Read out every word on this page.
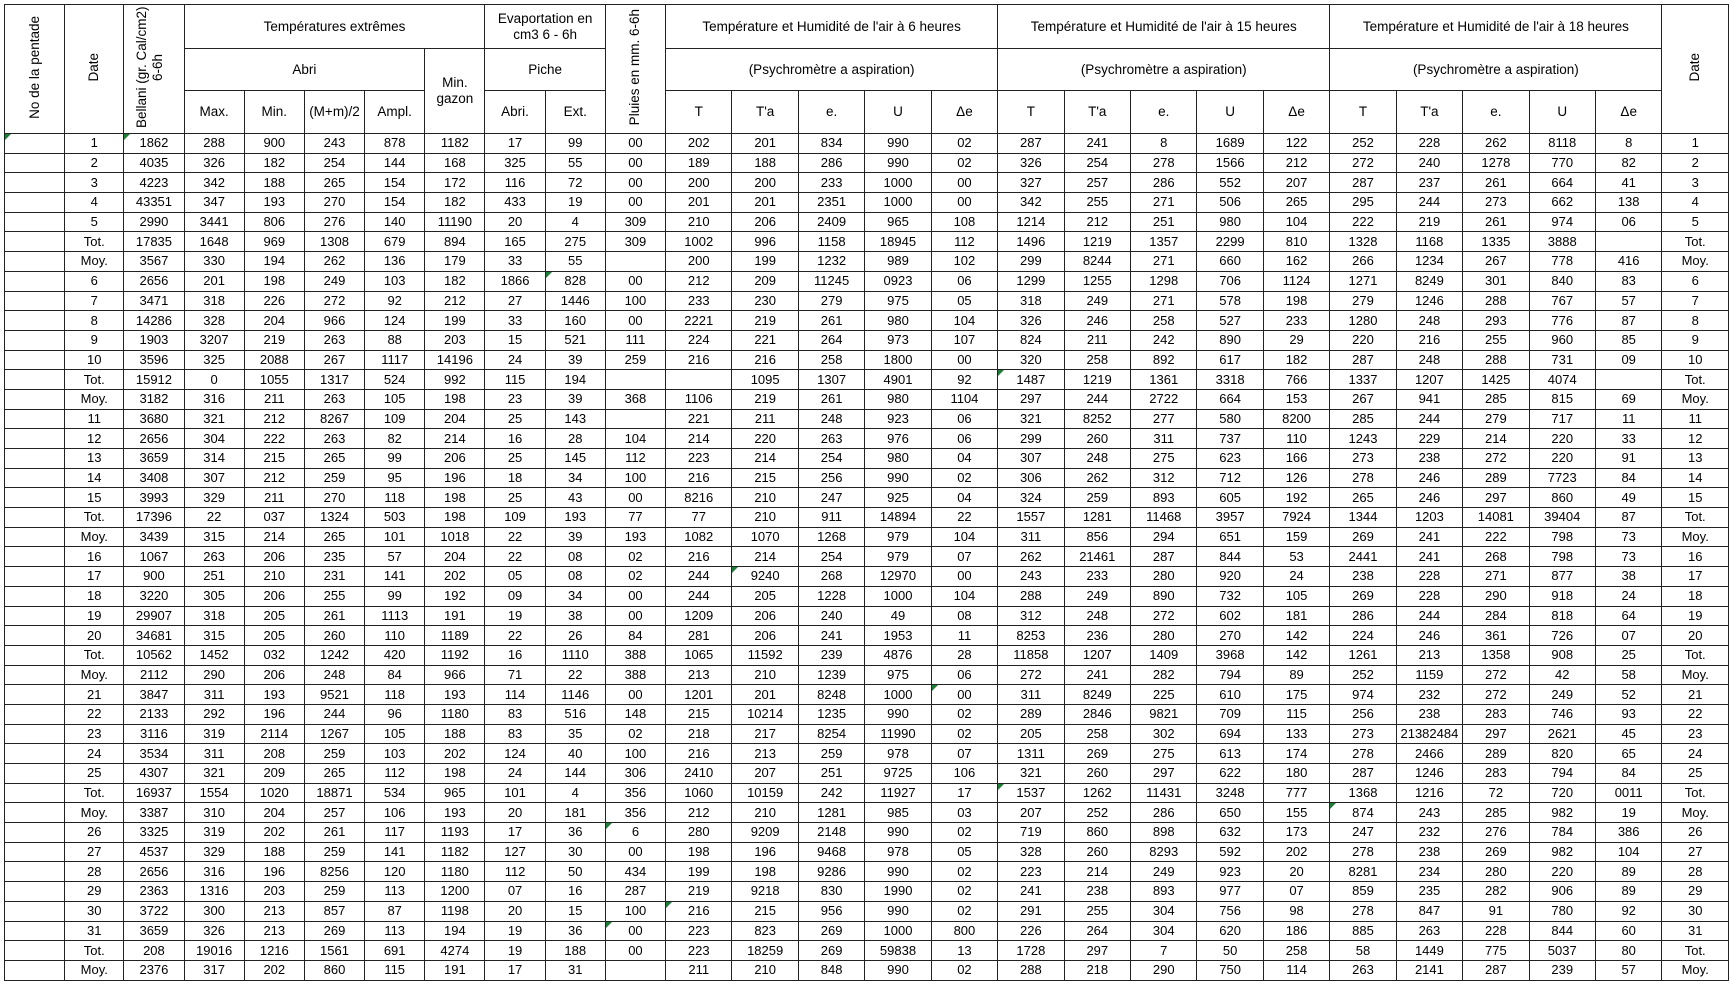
No de la pentade	Date	Bellani (gr. Cal/cm2) 6-6h	Températures extrêmes					Evaportation en cm3 6 - 6h		Pluies en mm. 6-6h	Température et Humidité de l'air à 6 heures					Température et Humidité de l'air à 15 heures					Température et Humidité de l'air à 18 heures					Date
			Abri				Min. gazon	Piche			(Psychromètre a aspiration)					(Psychromètre a aspiration)					(Psychromètre a aspiration)					
			Max.	Min.	(M+m)/2	Ampl.		Abri.	Ext.		T	T'a	e.	U	Δe	T	T'a	e.	U	Δe	T	T'a	e.	U	Δe	
	1	1862	288	900	243	878	1182	17	99	00	202	201	834	990	02	287	241	8	1689	122	252	228	262	8118	8	1
	2	4035	326	182	254	144	168	325	55	00	189	188	286	990	02	326	254	278	1566	212	272	240	1278	770	82	2
	3	4223	342	188	265	154	172	116	72	00	200	200	233	1000	00	327	257	286	552	207	287	237	261	664	41	3
	4	43351	347	193	270	154	182	433	19	00	201	201	2351	1000	00	342	255	271	506	265	295	244	273	662	138	4
	5	2990	3441	806	276	140	11190	20	4	309	210	206	2409	965	108	1214	212	251	980	104	222	219	261	974	06	5
	Tot.	17835	1648	969	1308	679	894	165	275	309	1002	996	1158	18945	112	1496	1219	1357	2299	810	1328	1168	1335	3888		Tot.
	Moy.	3567	330	194	262	136	179	33	55		200	199	1232	989	102	299	8244	271	660	162	266	1234	267	778	416	Moy.
	6	2656	201	198	249	103	182	1866	828	00	212	209	11245	0923	06	1299	1255	1298	706	1124	1271	8249	301	840	83	6
	7	3471	318	226	272	92	212	27	1446	100	233	230	279	975	05	318	249	271	578	198	279	1246	288	767	57	7
	8	14286	328	204	966	124	199	33	160	00	2221	219	261	980	104	326	246	258	527	233	1280	248	293	776	87	8
	9	1903	3207	219	263	88	203	15	521	111	224	221	264	973	107	824	211	242	890	29	220	216	255	960	85	9
	10	3596	325	2088	267	1117	14196	24	39	259	216	216	258	1800	00	320	258	892	617	182	287	248	288	731	09	10
	Tot.	15912	0	1055	1317	524	992	115	194			1095	1307	4901	92	1487	1219	1361	3318	766	1337	1207	1425	4074		Tot.
	Moy.	3182	316	211	263	105	198	23	39	368	1106	219	261	980	1104	297	244	2722	664	153	267	941	285	815	69	Moy.
	11	3680	321	212	8267	109	204	25	143		221	211	248	923	06	321	8252	277	580	8200	285	244	279	717	11	11
	12	2656	304	222	263	82	214	16	28	104	214	220	263	976	06	299	260	311	737	110	1243	229	214	220	33	12
	13	3659	314	215	265	99	206	25	145	112	223	214	254	980	04	307	248	275	623	166	273	238	272	220	91	13
	14	3408	307	212	259	95	196	18	34	100	216	215	256	990	02	306	262	312	712	126	278	246	289	7723	84	14
	15	3993	329	211	270	118	198	25	43	00	8216	210	247	925	04	324	259	893	605	192	265	246	297	860	49	15
	Tot.	17396	22	037	1324	503	198	109	193	77	77	210	911	14894	22	1557	1281	11468	3957	7924	1344	1203	14081	39404	87	Tot.
	Moy.	3439	315	214	265	101	1018	22	39	193	1082	1070	1268	979	104	311	856	294	651	159	269	241	222	798	73	Moy.
	16	1067	263	206	235	57	204	22	08	02	216	214	254	979	07	262	21461	287	844	53	2441	241	268	798	73	16
	17	900	251	210	231	141	202	05	08	02	244	9240	268	12970	00	243	233	280	920	24	238	228	271	877	38	17
	18	3220	305	206	255	99	192	09	34	00	244	205	1228	1000	104	288	249	890	732	105	269	228	290	918	24	18
	19	29907	318	205	261	1113	191	19	38	00	1209	206	240	49	08	312	248	272	602	181	286	244	284	818	64	19
	20	34681	315	205	260	110	1189	22	26	84	281	206	241	1953	11	8253	236	280	270	142	224	246	361	726	07	20
	Tot.	10562	1452	032	1242	420	1192	16	1110	388	1065	11592	239	4876	28	11858	1207	1409	3968	142	1261	213	1358	908	25	Tot.
	Moy.	2112	290	206	248	84	966	71	22	388	213	210	1239	975	06	272	241	282	794	89	252	1159	272	42	58	Moy.
	21	3847	311	193	9521	118	193	114	1146	00	1201	201	8248	1000	00	311	8249	225	610	175	974	232	272	249	52	21
	22	2133	292	196	244	96	1180	83	516	148	215	10214	1235	990	02	289	2846	9821	709	115	256	238	283	746	93	22
	23	3116	319	2114	1267	105	188	83	35	02	218	217	8254	11990	02	205	258	302	694	133	273	21382484	297	2621	45	23
	24	3534	311	208	259	103	202	124	40	100	216	213	259	978	07	1311	269	275	613	174	278	2466	289	820	65	24
	25	4307	321	209	265	112	198	24	144	306	2410	207	251	9725	106	321	260	297	622	180	287	1246	283	794	84	25
	Tot.	16937	1554	1020	18871	534	965	101	4	356	1060	10159	242	11927	17	1537	1262	11431	3248	777	1368	1216	72	720	0011	Tot.
	Moy.	3387	310	204	257	106	193	20	181	356	212	210	1281	985	03	207	252	286	650	155	874	243	285	982	19	Moy.
	26	3325	319	202	261	117	1193	17	36	6	280	9209	2148	990	02	719	860	898	632	173	247	232	276	784	386	26
	27	4537	329	188	259	141	1182	127	30	00	198	196	9468	978	05	328	260	8293	592	202	278	238	269	982	104	27
	28	2656	316	196	8256	120	1180	112	50	434	199	198	9286	990	02	223	214	249	923	20	8281	234	280	220	89	28
	29	2363	1316	203	259	113	1200	07	16	287	219	9218	830	1990	02	241	238	893	977	07	859	235	282	906	89	29
	30	3722	300	213	857	87	1198	20	15	100	216	215	956	990	02	291	255	304	756	98	278	847	91	780	92	30
	31	3659	326	213	269	113	194	19	36	00	223	823	269	1000	800	226	264	304	620	186	885	263	228	844	60	31
	Tot.	208	19016	1216	1561	691	4274	19	188	00	223	18259	269	59838	13	1728	297	7	50	258	58	1449	775	5037	80	Tot.
	Moy.	2376	317	202	860	115	191	17	31		211	210	848	990	02	288	218	290	750	114	263	2141	287	239	57	Moy.
